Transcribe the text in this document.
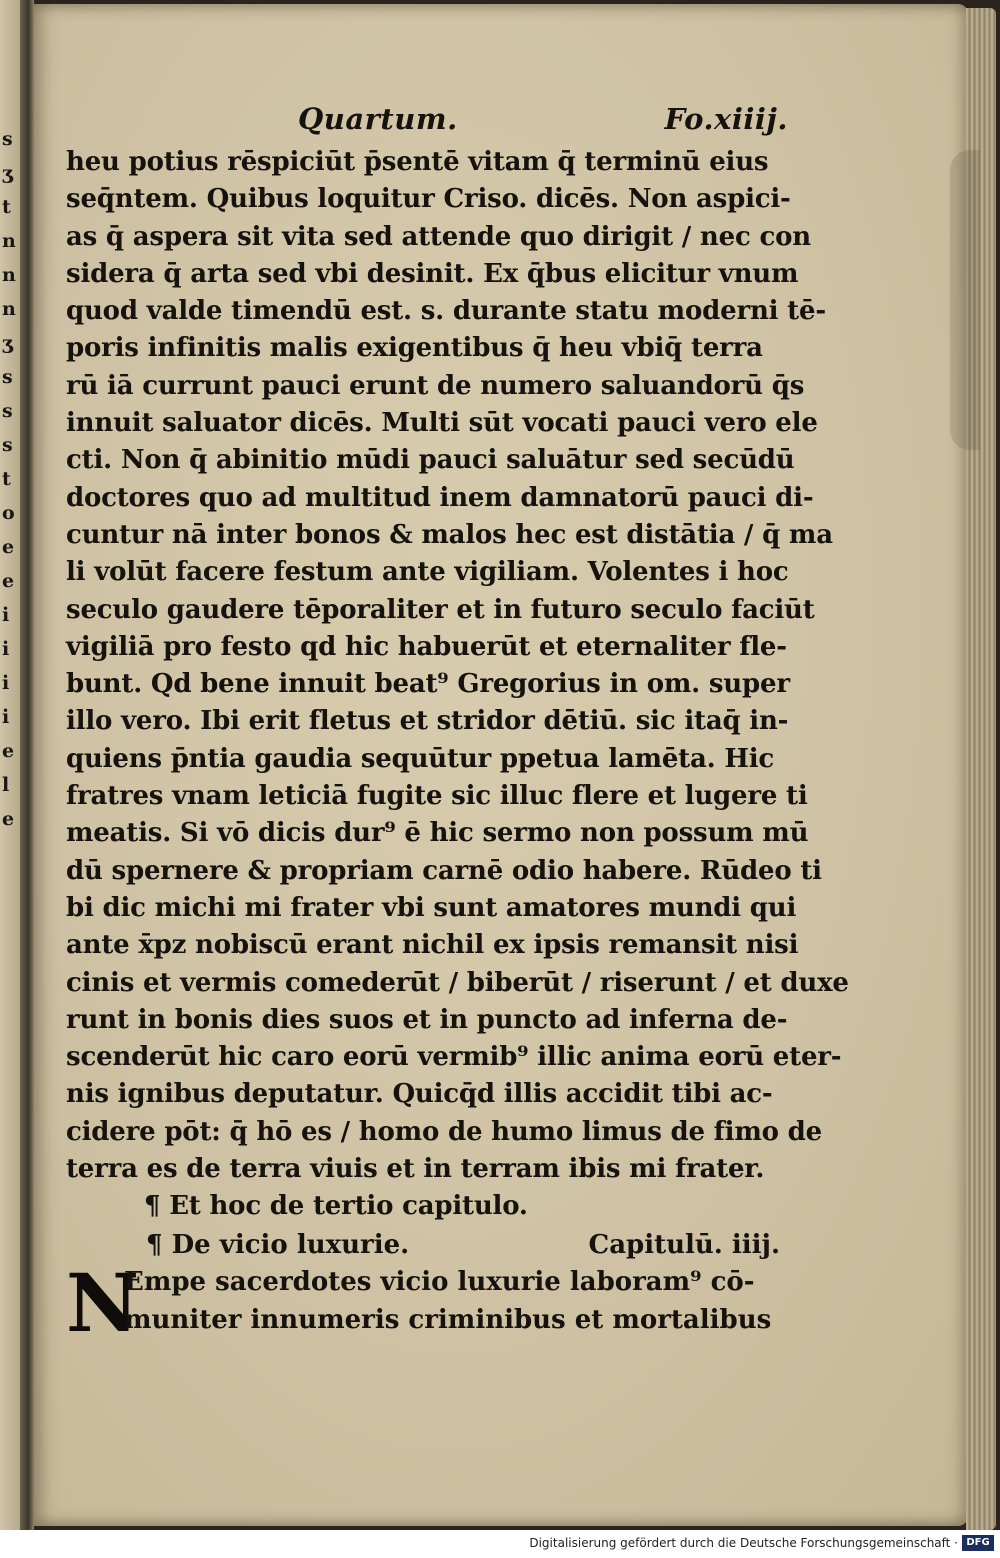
s
ʒ
t
n
n
n
ʒ
s
s
s
t
o
e
e
i
i
i
i
e
l
e
Quartum.	Fo.xiiij.
heu potius rēspiciūt p̄sentē vitam q̄ terminū eius
seq̄ntem. Quibus loquitur Criso. dicēs. Non aspici-
as q̄ aspera sit vita sed attende quo dirigit / nec con
sidera q̄ arta sed vbi desinit. Ex q̄bus elicitur vnum
quod valde timendū est. s. durante statu moderni tē-
poris infinitis malis exigentibus q̄ heu vbiq̄ terra
rū iā currunt pauci erunt de numero saluandorū q̄s
innuit saluator dicēs. Multi sūt vocati pauci vero ele
cti. Non q̄ abinitio mūdi pauci saluātur sed secūdū
doctores quo ad multitud inem damnatorū pauci di-
cuntur nā inter bonos & malos hec est distātia / q̄ ma
li volūt facere festum ante vigiliam. Volentes i hoc
seculo gaudere tēporaliter et in futuro seculo faciūt
vigiliā pro festo qd hic habuerūt et eternaliter fle-
bunt. Qd bene innuit beat⁹ Gregorius in om. super
illo vero. Ibi erit fletus et stridor dētiū. sic itaq̄ in-
quiens p̄ntia gaudia sequūtur ppetua lamēta. Hic
fratres vnam leticiā fugite sic illuc flere et lugere ti
meatis. Si vō dicis dur⁹ ē hic sermo non possum mū
dū spernere & propriam carnē odio habere. Rūdeo ti
bi dic michi mi frater vbi sunt amatores mundi qui
ante x̄pz nobiscū erant nichil ex ipsis remansit nisi
cinis et vermis comederūt / biberūt / riserunt / et duxe
runt in bonis dies suos et in puncto ad inferna de-
scenderūt hic caro eorū vermib⁹ illic anima eorū eter-
nis ignibus deputatur. Quicq̄d illis accidit tibi ac-
cidere pōt: q̄ hō es / homo de humo limus de fimo de
terra es de terra viuis et in terram ibis mi frater.
¶ Et hoc de tertio capitulo.
¶ De vicio luxurie.	Capitulū. iiij.
N
Empe sacerdotes vicio luxurie laboram⁹ cō-
muniter innumeris criminibus et mortalibus
Digitalisierung gefördert durch die Deutsche Forschungsgemeinschaft · DFG
